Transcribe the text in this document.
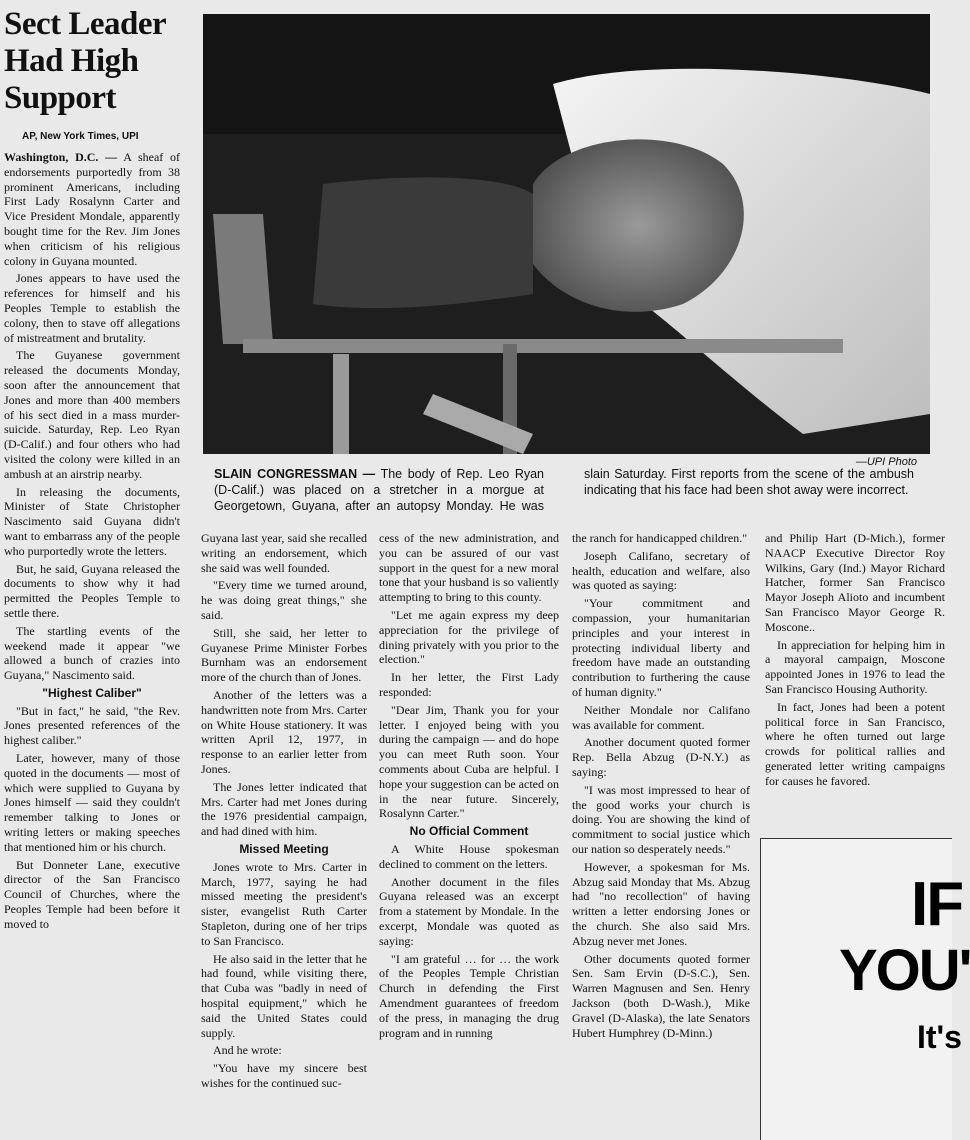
Sect Leader Had High Support
AP, New York Times, UPI
—UPI Photo
SLAIN CONGRESSMAN — The body of Rep. Leo Ryan (D-Calif.) was placed on a stretcher in a morgue at Georgetown, Guyana, after an autopsy Monday. He was slain Saturday. First reports from the scene of the ambush indicating that his face had been shot away were incorrect.

Washington, D.C. — A sheaf of endorsements purportedly from 38 prominent Americans, including First Lady Rosalynn Carter and Vice President Mondale, apparently bought time for the Rev. Jim Jones when criticism of his religious colony in Guyana mounted.

Jones appears to have used the references for himself and his Peoples Temple to establish the colony, then to stave off allegations of mistreatment and brutality.

The Guyanese government released the documents Monday, soon after the announcement that Jones and more than 400 members of his sect died in a mass murder-suicide. Saturday, Rep. Leo Ryan (D-Calif.) and four others who had visited the colony were killed in an ambush at an airstrip nearby.

In releasing the documents, Minister of State Christopher Nascimento said Guyana didn't want to embarrass any of the people who purportedly wrote the letters.

But, he said, Guyana released the documents to show why it had permitted the Peoples Temple to settle there.

The startling events of the weekend made it appear "we allowed a bunch of crazies into Guyana," Nascimento said.

"Highest Caliber"

"But in fact," he said, "the Rev. Jones presented references of the highest caliber."

Later, however, many of those quoted in the documents — most of which were supplied to Guyana by Jones himself — said they couldn't remember talking to Jones or writing letters or making speeches that mentioned him or his church.

But Donneter Lane, executive director of the San Francisco Council of Churches, where the Peoples Temple had been before it moved to

Guyana last year, said she recalled writing an endorsement, which she said was well founded.

"Every time we turned around, he was doing great things," she said.

Still, she said, her letter to Guyanese Prime Minister Forbes Burnham was an endorsement more of the church than of Jones.

Another of the letters was a handwritten note from Mrs. Carter on White House stationery. It was written April 12, 1977, in response to an earlier letter from Jones.

The Jones letter indicated that Mrs. Carter had met Jones during the 1976 presidential campaign, and had dined with him.

Missed Meeting

Jones wrote to Mrs. Carter in March, 1977, saying he had missed meeting the president's sister, evangelist Ruth Carter Stapleton, during one of her trips to San Francisco.

He also said in the letter that he had found, while visiting there, that Cuba was "badly in need of hospital equipment," which he said the United States could supply.

And he wrote:

"You have my sincere best wishes for the continued suc-

cess of the new administration, and you can be assured of our vast support in the quest for a new moral tone that your husband is so valiently attempting to bring to this county.

"Let me again express my deep appreciation for the privilege of dining privately with you prior to the election."

In her letter, the First Lady responded:

"Dear Jim, Thank you for your letter. I enjoyed being with you during the campaign — and do hope you can meet Ruth soon. Your comments about Cuba are helpful. I hope your suggestion can be acted on in the near future. Sincerely, Rosalynn Carter."

No Official Comment

A White House spokesman declined to comment on the letters.

Another document in the files Guyana released was an excerpt from a statement by Mondale. In the excerpt, Mondale was quoted as saying:

"I am grateful … for … the work of the Peoples Temple Christian Church in defending the First Amendment guarantees of freedom of the press, in managing the drug program and in running

the ranch for handicapped children."

Joseph Califano, secretary of health, education and welfare, also was quoted as saying:

"Your commitment and compassion, your humanitarian principles and your interest in protecting individual liberty and freedom have made an outstanding contribution to furthering the cause of human dignity."

Neither Mondale nor Califano was available for comment.

Another document quoted former Rep. Bella Abzug (D-N.Y.) as saying:

"I was most impressed to hear of the good works your church is doing. You are showing the kind of commitment to social justice which our nation so desperately needs."

However, a spokesman for Ms. Abzug said Monday that Ms. Abzug had "no recollection" of having written a letter endorsing Jones or the church. She also said Mrs. Abzug never met Jones.

Other documents quoted former Sen. Sam Ervin (D-S.C.), Sen. Warren Magnusen and Sen. Henry Jackson (both D-Wash.), Mike Gravel (D-Alaska), the late Senators Hubert Humphrey (D-Minn.)

and Philip Hart (D-Mich.), former NAACP Executive Director Roy Wilkins, Gary (Ind.) Mayor Richard Hatcher, former San Francisco Mayor Joseph Alioto and incumbent San Francisco Mayor George R. Moscone..

In appreciation for helping him in a mayoral campaign, Moscone appointed Jones in 1976 to lead the San Francisco Housing Authority.

In fact, Jones had been a potent political force in San Francisco, where he often turned out large crowds for political rallies and generated letter writing campaigns for causes he favored.

IF
YOU'
It's
